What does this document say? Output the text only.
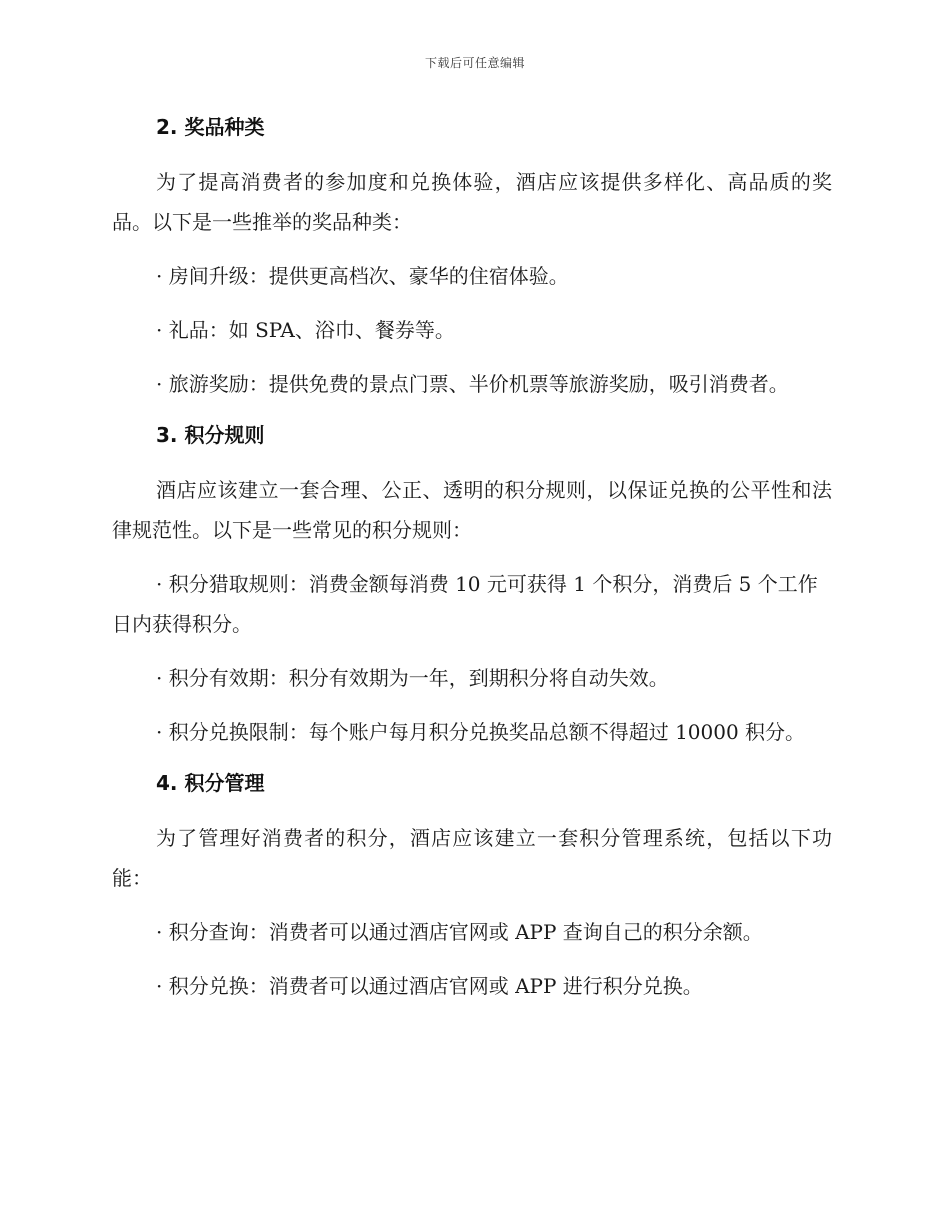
下载后可任意编辑
2. 奖品种类
为了提高消费者的参加度和兑换体验，酒店应该提供多样化、高品质的奖品。以下是一些推举的奖品种类：
· 房间升级：提供更高档次、豪华的住宿体验。
· 礼品：如 SPA、浴巾、餐券等。
· 旅游奖励：提供免费的景点门票、半价机票等旅游奖励，吸引消费者。
3. 积分规则
酒店应该建立一套合理、公正、透明的积分规则，以保证兑换的公平性和法律规范性。以下是一些常见的积分规则：
· 积分猎取规则：消费金额每消费 10 元可获得 1 个积分，消费后 5 个工作日内获得积分。
· 积分有效期：积分有效期为一年，到期积分将自动失效。
· 积分兑换限制：每个账户每月积分兑换奖品总额不得超过 10000 积分。
4. 积分管理
为了管理好消费者的积分，酒店应该建立一套积分管理系统，包括以下功能：
· 积分查询：消费者可以通过酒店官网或 APP 查询自己的积分余额。
· 积分兑换：消费者可以通过酒店官网或 APP 进行积分兑换。
